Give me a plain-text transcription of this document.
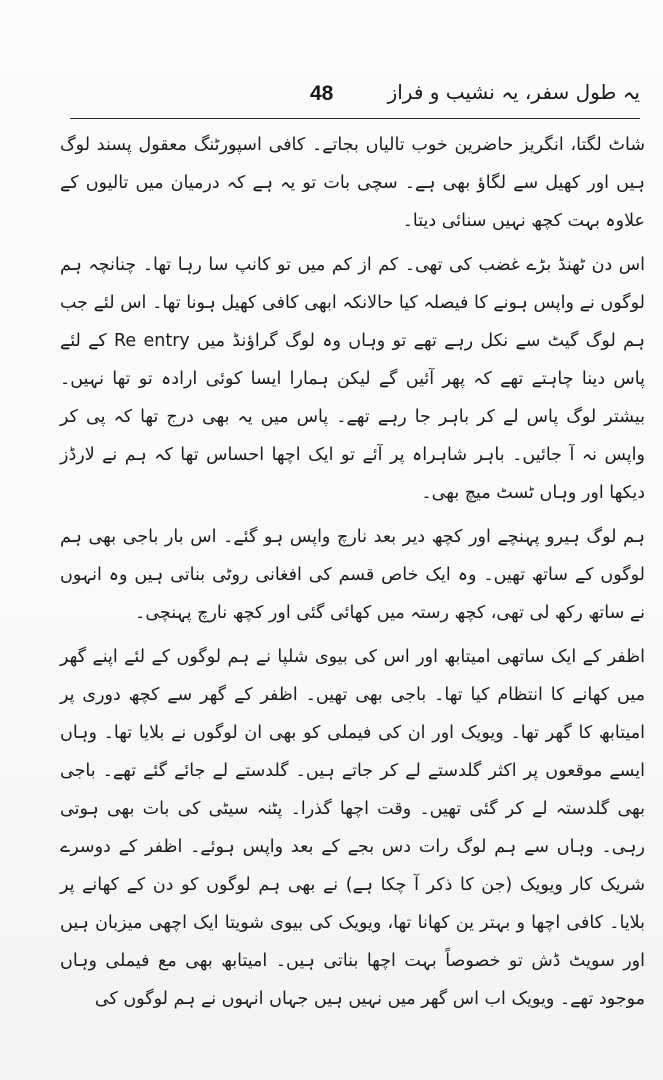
48	یہ طول سفر، یہ نشیب و فراز

شاٹ لگتا، انگریز حاضرین خوب تالیاں بجاتے۔ کافی اسپورٹنگ معقول پسند لوگ ہیں اور کھیل سے لگاؤ بھی ہے۔ سچی بات تو یہ ہے کہ درمیان میں تالیوں کے علاوہ بہت کچھ نہیں سنائی دیتا۔

اس دن ٹھنڈ بڑے غضب کی تھی۔ کم از کم میں تو کانپ سا رہا تھا۔ چنانچہ ہم لوگوں نے واپس ہونے کا فیصلہ کیا حالانکہ ابھی کافی کھیل ہونا تھا۔ اس لئے جب ہم لوگ گیٹ سے نکل رہے تھے تو وہاں وہ لوگ گراؤنڈ میں Re entry کے لئے پاس دینا چاہتے تھے کہ پھر آئیں گے لیکن ہمارا ایسا کوئی ارادہ تو تھا نہیں۔ بیشتر لوگ پاس لے کر باہر جا رہے تھے۔ پاس میں یہ بھی درج تھا کہ پی کر واپس نہ آ جائیں۔ باہر شاہراہ پر آئے تو ایک اچھا احساس تھا کہ ہم نے لارڈز دیکھا اور وہاں ٹسٹ میچ بھی۔

ہم لوگ ہیرو پہنچے اور کچھ دیر بعد نارچ واپس ہو گئے۔ اس بار باجی بھی ہم لوگوں کے ساتھ تھیں۔ وہ ایک خاص قسم کی افغانی روٹی بناتی ہیں وہ انہوں نے ساتھ رکھ لی تھی، کچھ رستہ میں کھائی گئی اور کچھ نارچ پہنچی۔

اظفر کے ایک ساتھی امیتابھ اور اس کی بیوی شلپا نے ہم لوگوں کے لئے اپنے گھر میں کھانے کا انتظام کیا تھا۔ باجی بھی تھیں۔ اظفر کے گھر سے کچھ دوری پر امیتابھ کا گھر تھا۔ ویویک اور ان کی فیملی کو بھی ان لوگوں نے بلایا تھا۔ وہاں ایسے موقعوں پر اکثر گلدستے لے کر جاتے ہیں۔ گلدستے لے جائے گئے تھے۔ باجی بھی گلدستہ لے کر گئی تھیں۔ وقت اچھا گذرا۔ پٹنہ سیٹی کی بات بھی ہوتی رہی۔ وہاں سے ہم لوگ رات دس بجے کے بعد واپس ہوئے۔ اظفر کے دوسرے شریک کار ویویک (جن کا ذکر آ چکا ہے) نے بھی ہم لوگوں کو دن کے کھانے پر بلایا۔ کافی اچھا و بہتر ین کھانا تھا، ویویک کی بیوی شویتا ایک اچھی میزبان ہیں اور سویٹ ڈش تو خصوصاً بہت اچھا بناتی ہیں۔ امیتابھ بھی مع فیملی وہاں موجود تھے۔ ویویک اب اس گھر میں نہیں ہیں جہاں انہوں نے ہم لوگوں کی
